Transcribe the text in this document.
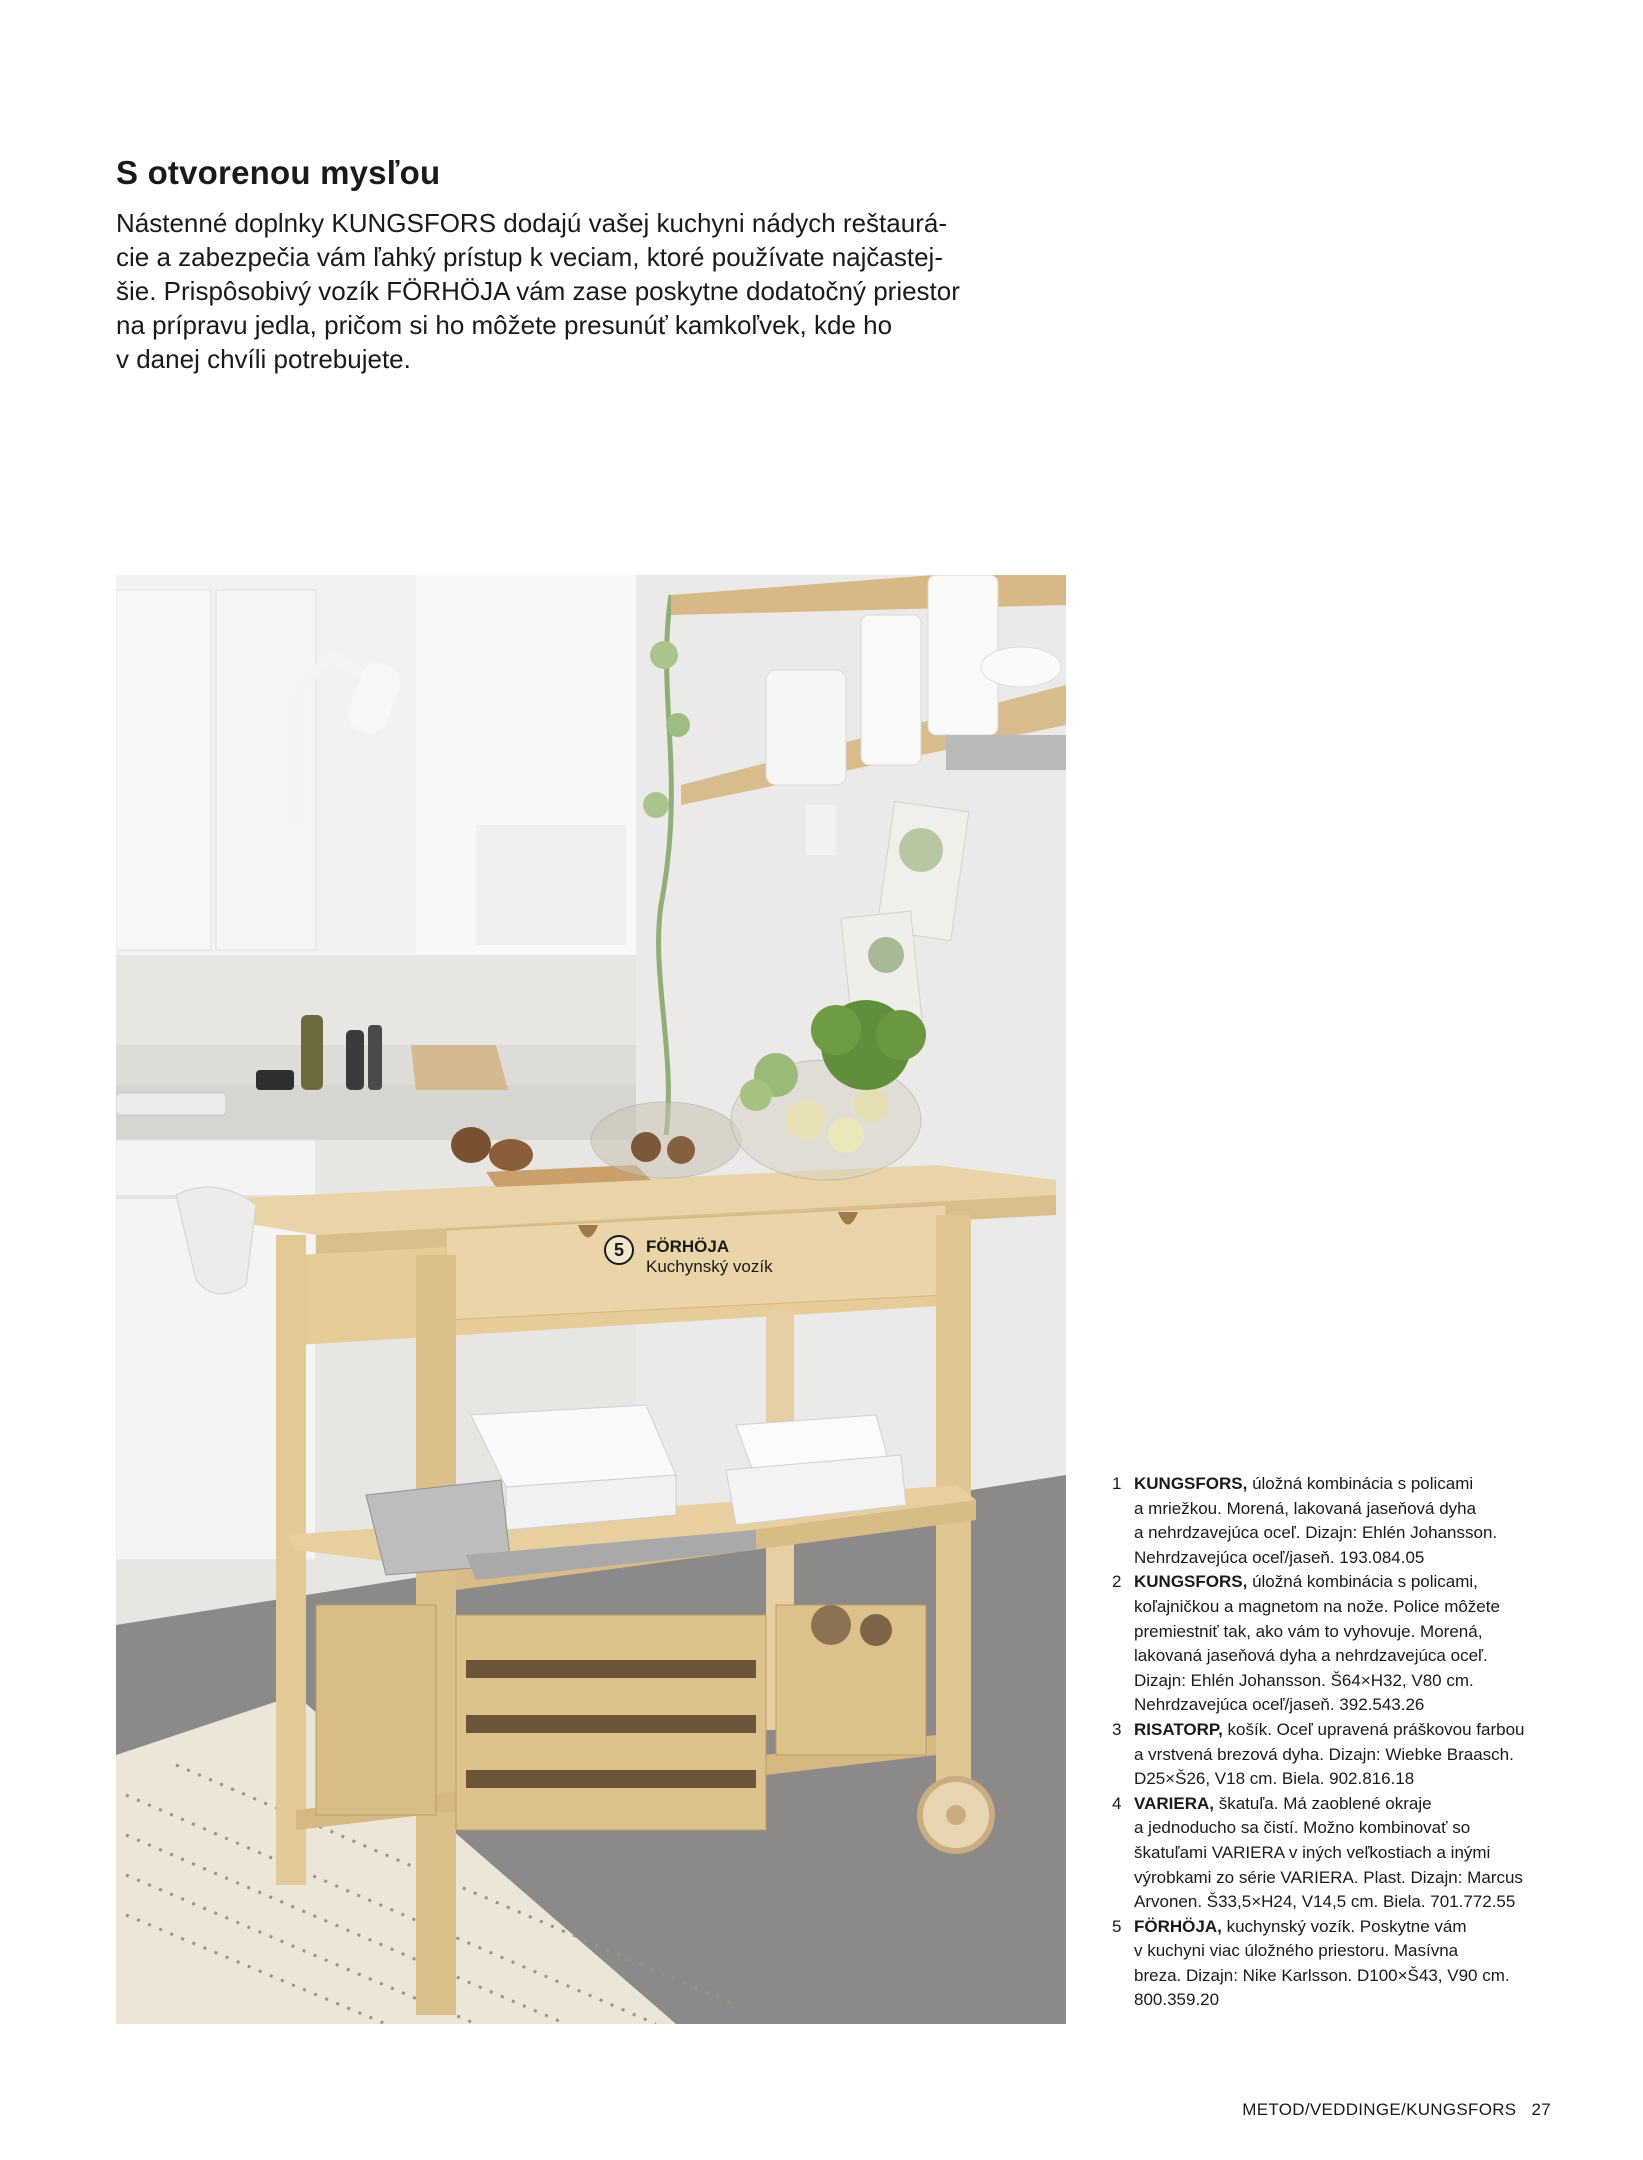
S otvorenou mysľou

Nástenné doplnky KUNGSFORS dodajú vašej kuchyni nádych reštaurá-
cie a zabezpečia vám ľahký prístup k veciam, ktoré používate najčastej-
šie. Prispôsobivý vozík FÖRHÖJA vám zase poskytne dodatočný priestor
na prípravu jedla, pričom si ho môžete presunúť kamkoľvek, kde ho
v danej chvíli potrebujete.

5	FÖRHÖJA
Kuchynský vozík
1 KUNGSFORS, úložná kombinácia s policami
a mriežkou. Morená, lakovaná jaseňová dyha
a nehrdzavejúca oceľ. Dizajn: Ehlén Johansson.
Nehrdzavejúca oceľ/jaseň. 193.084.05
2 KUNGSFORS, úložná kombinácia s policami,
koľajničkou a magnetom na nože. Police môžete
premiestniť tak, ako vám to vyhovuje. Morená,
lakovaná jaseňová dyha a nehrdzavejúca oceľ.
Dizajn: Ehlén Johansson. Š64×H32, V80 cm.
Nehrdzavejúca oceľ/jaseň. 392.543.26
3 RISATORP, košík. Oceľ upravená práškovou farbou
a vrstvená brezová dyha. Dizajn: Wiebke Braasch.
D25×Š26, V18 cm. Biela. 902.816.18
4 VARIERA, škatuľa. Má zaoblené okraje
a jednoducho sa čistí. Možno kombinovať so
škatuľami VARIERA v iných veľkostiach a inými
výrobkami zo série VARIERA. Plast. Dizajn: Marcus
Arvonen. Š33,5×H24, V14,5 cm. Biela. 701.772.55
5 FÖRHÖJA, kuchynský vozík. Poskytne vám
v kuchyni viac úložného priestoru. Masívna
breza. Dizajn: Nike Karlsson. D100×Š43, V90 cm.
800.359.20
METOD/VEDDINGE/KUNGSFORS 27
